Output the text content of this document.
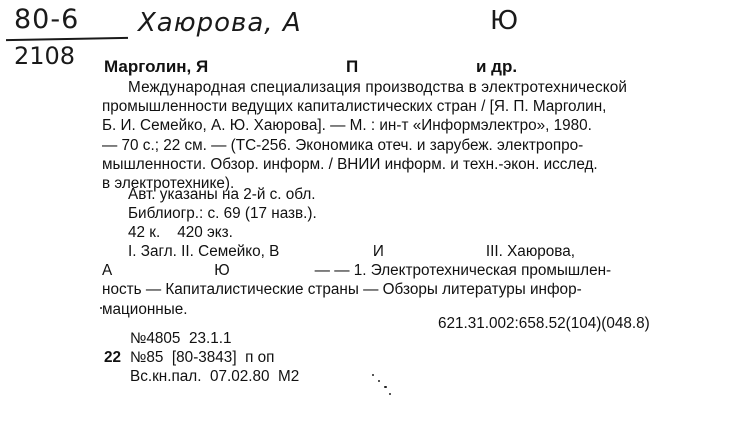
80-6
2108
Хаюрова, А	Ю
Марголин, Я	П	и др.
Международная специализация производства в электротехнической
промышленности ведущих капиталистических стран / [Я. П. Марголин,
Б. И. Семейко, А. Ю. Хаюрова]. — М. : ин-т «Информэлектро», 1980.
— 70 с.; 22 см. — (ТС-256. Экономика отеч. и зарубеж. электропро-
мышленности. Обзор. информ. / ВНИИ информ. и техн.-экон. исслед.
в электротехнике).
Авт. указаны на 2-й с. обл.
Библиогр.: с. 69 (17 назв.).
42 к.    420 экз.
I. Загл. II. Семейко, В                      И                        III. Хаюрова,
А                        Ю                    — — 1. Электротехническая промышлен-
ность — Капиталистические страны — Обзоры литературы инфор-
мационные.
621.31.002:658.52(104)(048.8)
№4805  23.1.1
22 №85  [80-3843]  п оп
Вс.кн.пал.  07.02.80  М2
